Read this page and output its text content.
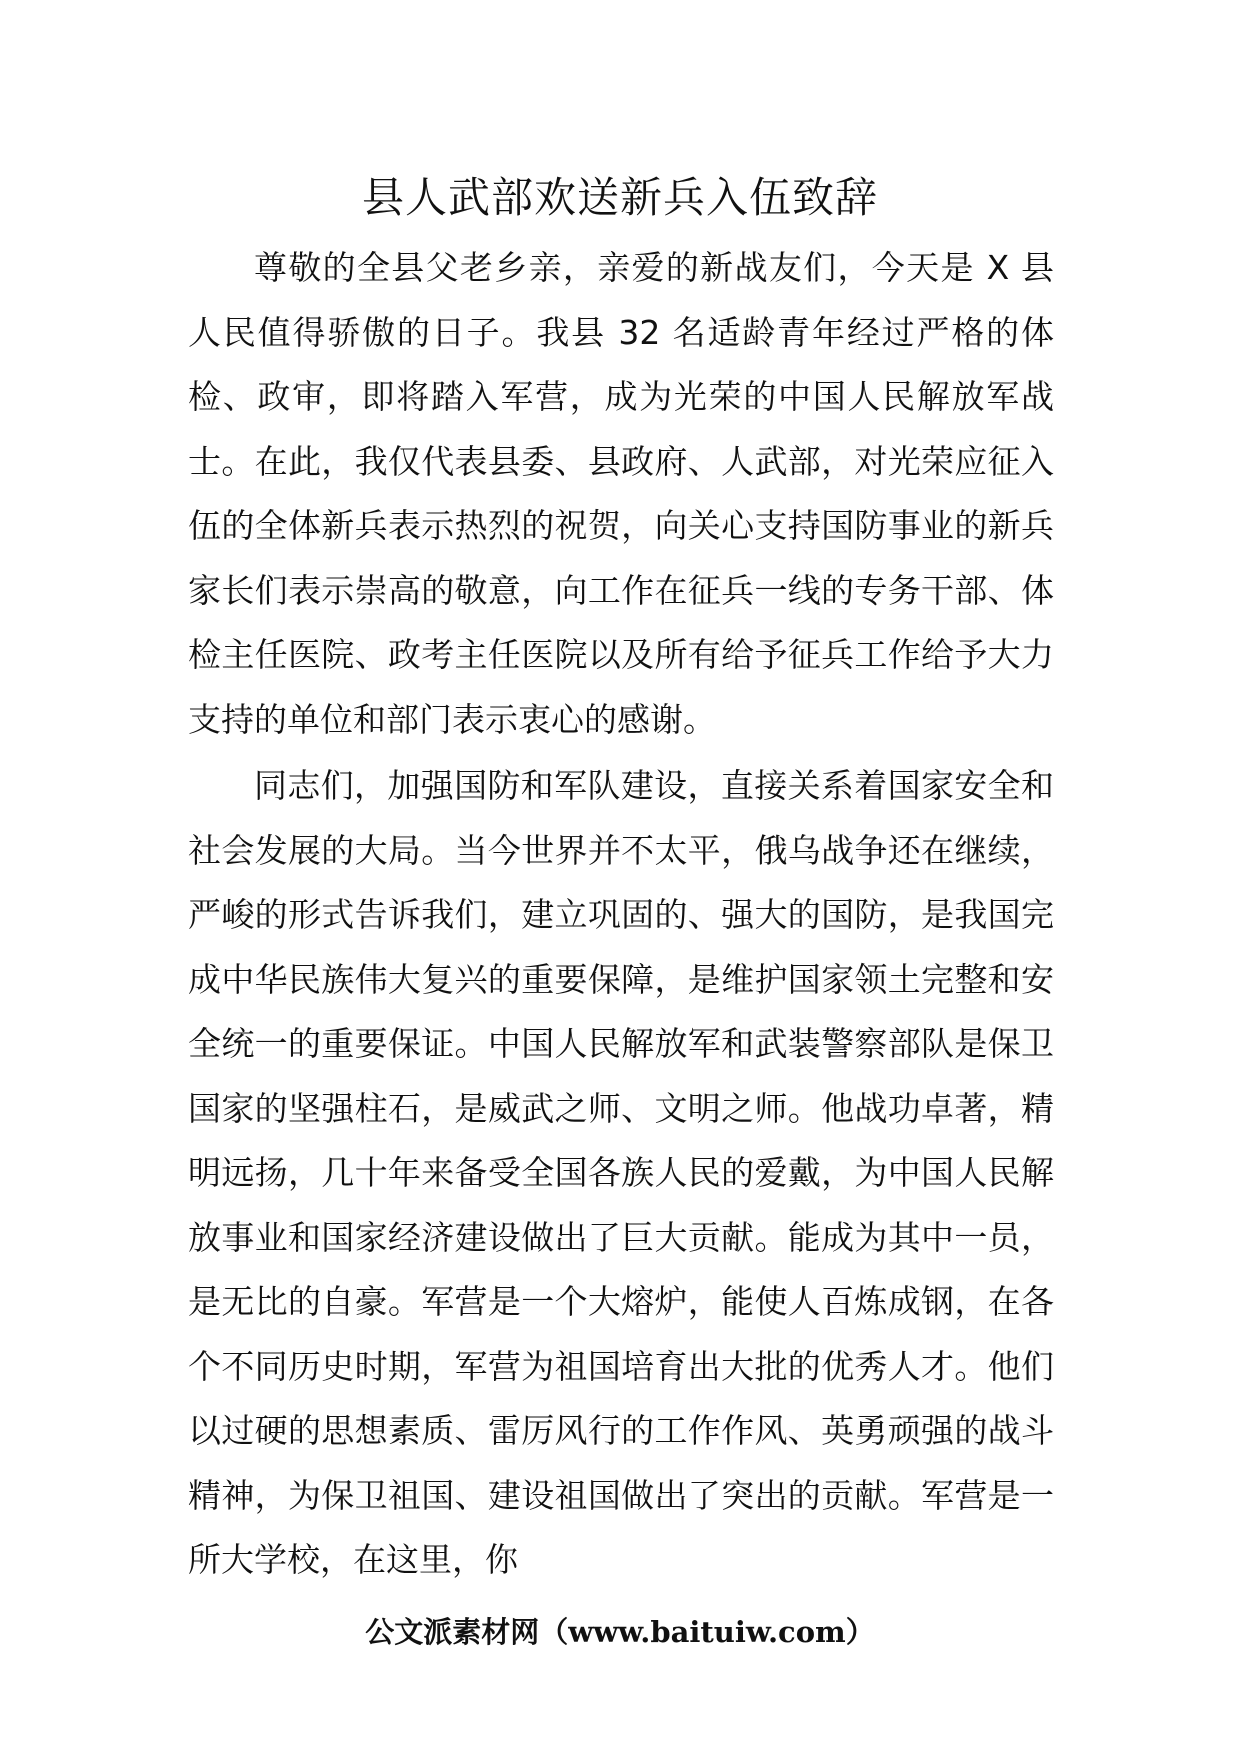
县人武部欢送新兵入伍致辞

尊敬的全县父老乡亲，亲爱的新战友们，今天是 X 县人民值得骄傲的日子。我县 32 名适龄青年经过严格的体检、政审，即将踏入军营，成为光荣的中国人民解放军战士。在此，我仅代表县委、县政府、人武部，对光荣应征入伍的全体新兵表示热烈的祝贺，向关心支持国防事业的新兵家长们表示崇高的敬意，向工作在征兵一线的专务干部、体检主任医院、政考主任医院以及所有给予征兵工作给予大力支持的单位和部门表示衷心的感谢。

同志们，加强国防和军队建设，直接关系着国家安全和社会发展的大局。当今世界并不太平，俄乌战争还在继续，严峻的形式告诉我们，建立巩固的、强大的国防，是我国完成中华民族伟大复兴的重要保障，是维护国家领土完整和安全统一的重要保证。中国人民解放军和武装警察部队是保卫国家的坚强柱石，是威武之师、文明之师。他战功卓著，精明远扬，几十年来备受全国各族人民的爱戴，为中国人民解放事业和国家经济建设做出了巨大贡献。能成为其中一员，是无比的自豪。军营是一个大熔炉，能使人百炼成钢，在各个不同历史时期，军营为祖国培育出大批的优秀人才。他们以过硬的思想素质、雷厉风行的工作作风、英勇顽强的战斗精神，为保卫祖国、建设祖国做出了突出的贡献。军营是一所大学校，在这里，你

公文派素材网（www.baituiw.com）
